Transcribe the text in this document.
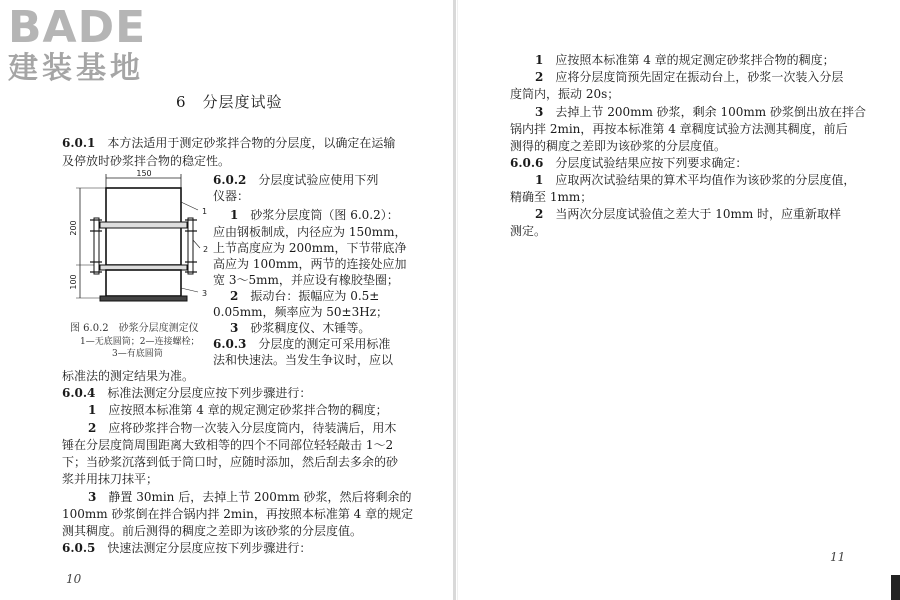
BADE
建装基地
6　分层度试验
6.0.1　 本方法适用于测定砂浆拌合物的分层度，以确定在运输
及停放时砂浆拌合物的稳定性。
150
200
100
1
2
3
图 6.0.2　砂浆分层度测定仪
1—无底圆筒；2—连接螺栓；
3—有底圆筒
6.0.2　 分层度试验应使用下列
仪器：
1　 砂浆分层度筒（图 6.0.2）：
应由钢板制成，内径应为 150mm，
上节高度应为 200mm，下节带底净
高应为 100mm，两节的连接处应加
宽 3～5mm，并应设有橡胶垫圈；
2　 振动台：振幅应为 0.5±
0.05mm，频率应为 50±3Hz；
3　 砂浆稠度仪、木锤等。
6.0.3　 分层度的测定可采用标准
法和快速法。当发生争议时，应以
标准法的测定结果为准。
6.0.4　 标准法测定分层度应按下列步骤进行：
1　 应按照本标准第 4 章的规定测定砂浆拌合物的稠度；
2　 应将砂浆拌合物一次装入分层度筒内，待装满后，用木
锤在分层度筒周围距离大致相等的四个不同部位轻轻敲击 1～2
下；当砂浆沉落到低于筒口时，应随时添加，然后刮去多余的砂
浆并用抹刀抹平；
3　 静置 30min 后，去掉上节 200mm 砂浆，然后将剩余的
100mm 砂浆倒在拌合锅内拌 2min，再按照本标准第 4 章的规定
测其稠度。前后测得的稠度之差即为该砂浆的分层度值。
6.0.5　 快速法测定分层度应按下列步骤进行：
10
1　 应按照本标准第 4 章的规定测定砂浆拌合物的稠度；
2　 应将分层度筒预先固定在振动台上，砂浆一次装入分层
度筒内，振动 20s；
3　 去掉上节 200mm 砂浆，剩余 100mm 砂浆倒出放在拌合
锅内拌 2min，再按本标准第 4 章稠度试验方法测其稠度，前后
测得的稠度之差即为该砂浆的分层度值。
6.0.6　 分层度试验结果应按下列要求确定：
1　 应取两次试验结果的算术平均值作为该砂浆的分层度值，
精确至 1mm；
2　 当两次分层度试验值之差大于 10mm 时，应重新取样
测定。
11
